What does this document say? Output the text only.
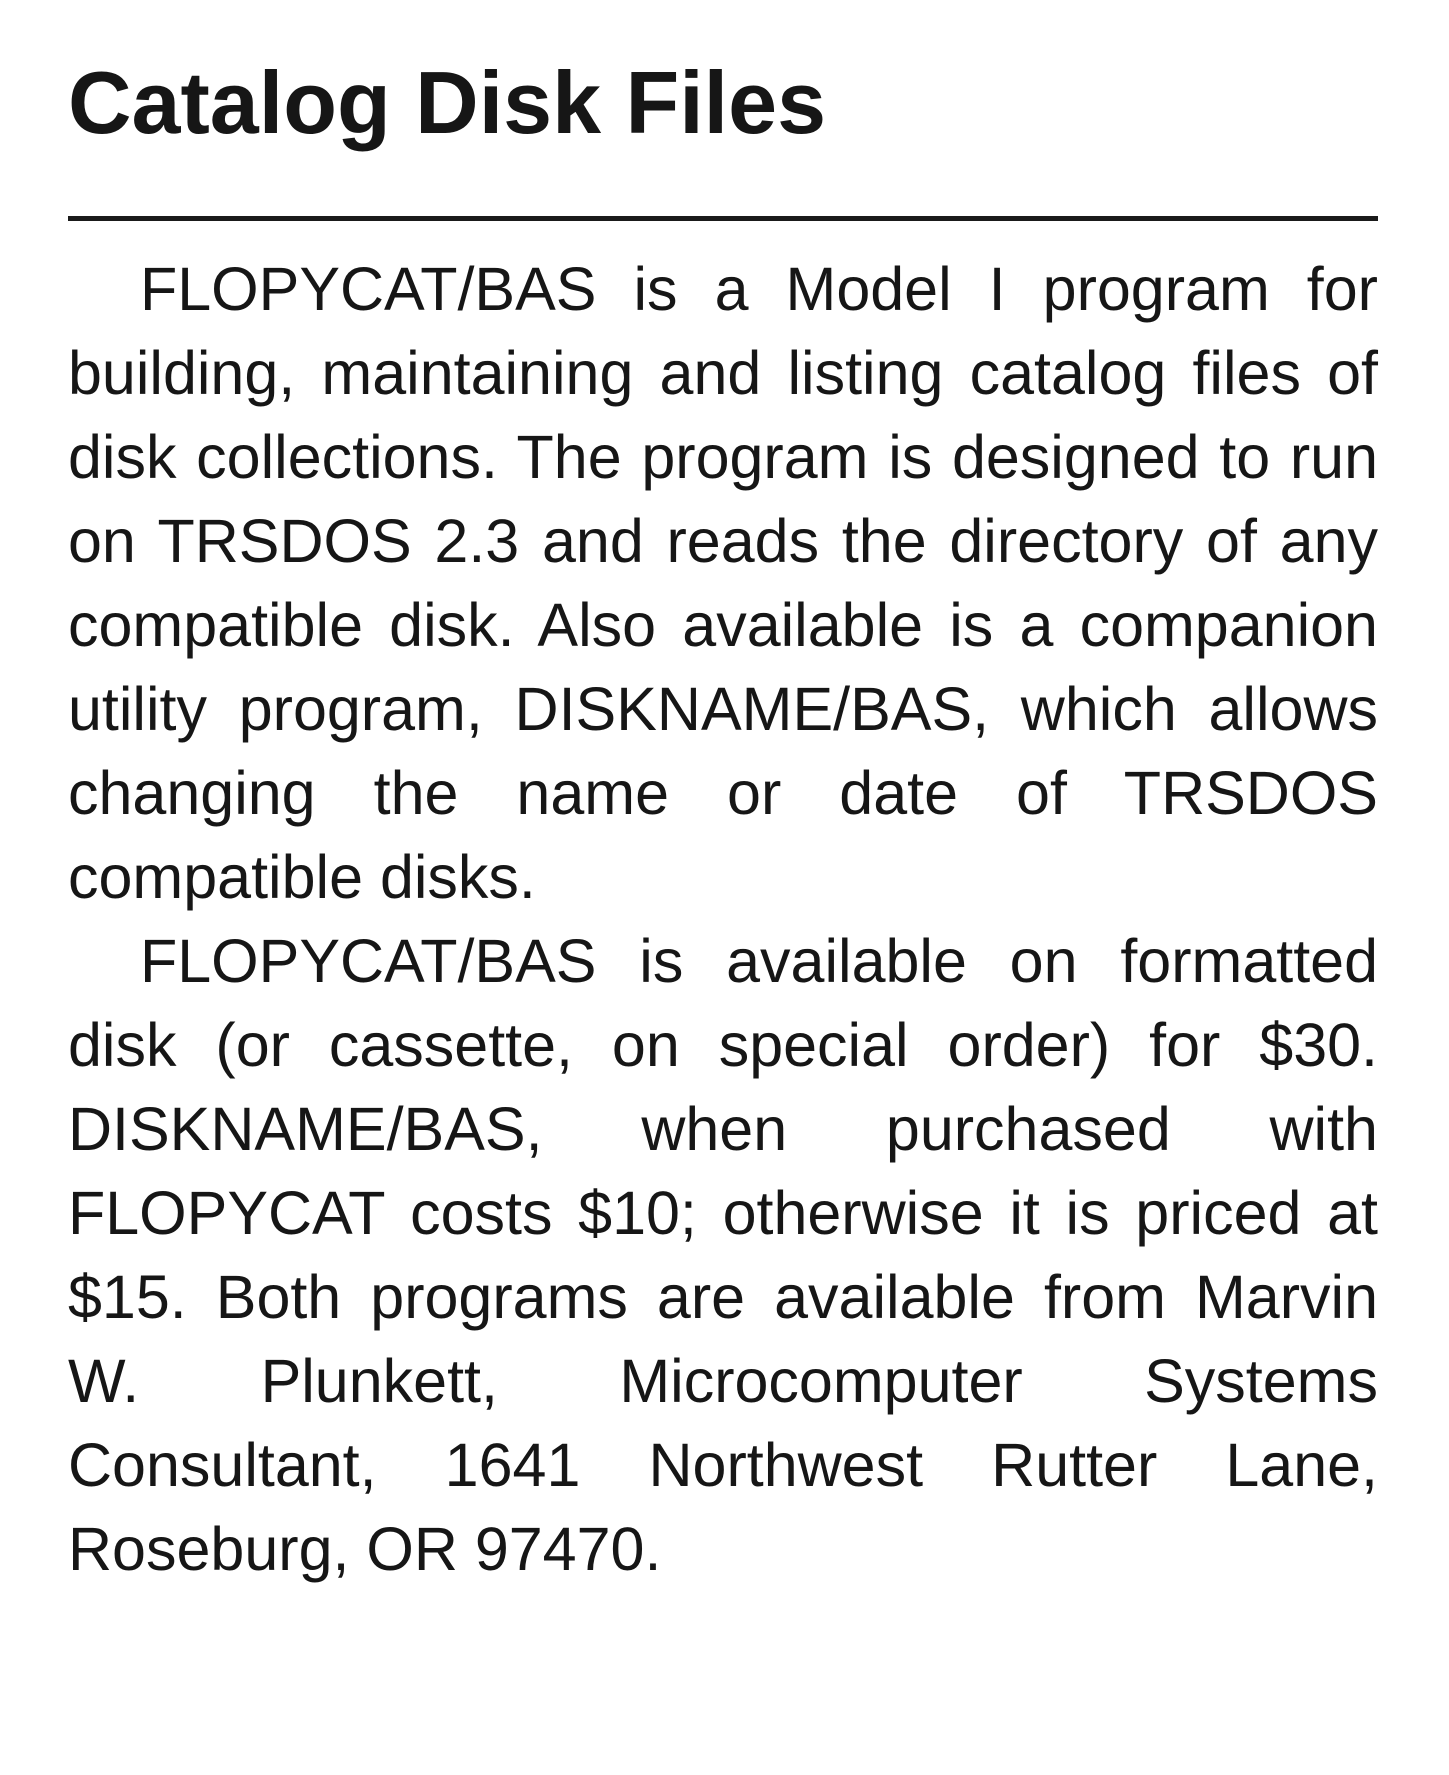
Catalog Disk Files

FLOPYCAT/BAS is a Model I program for building, maintaining and listing catalog files of disk collections. The program is designed to run on TRSDOS 2.3 and reads the directory of any compatible disk. Also available is a companion utility program, DISKNAME/BAS, which allows changing the name or date of TRSDOS compatible disks.

FLOPYCAT/BAS is available on formatted disk (or cassette, on special order) for $30. DISKNAME/BAS, when purchased with FLOPYCAT costs $10; otherwise it is priced at $15. Both programs are available from Marvin W. Plunkett, Microcomputer Systems Consultant, 1641 Northwest Rutter Lane, Roseburg, OR 97470.
